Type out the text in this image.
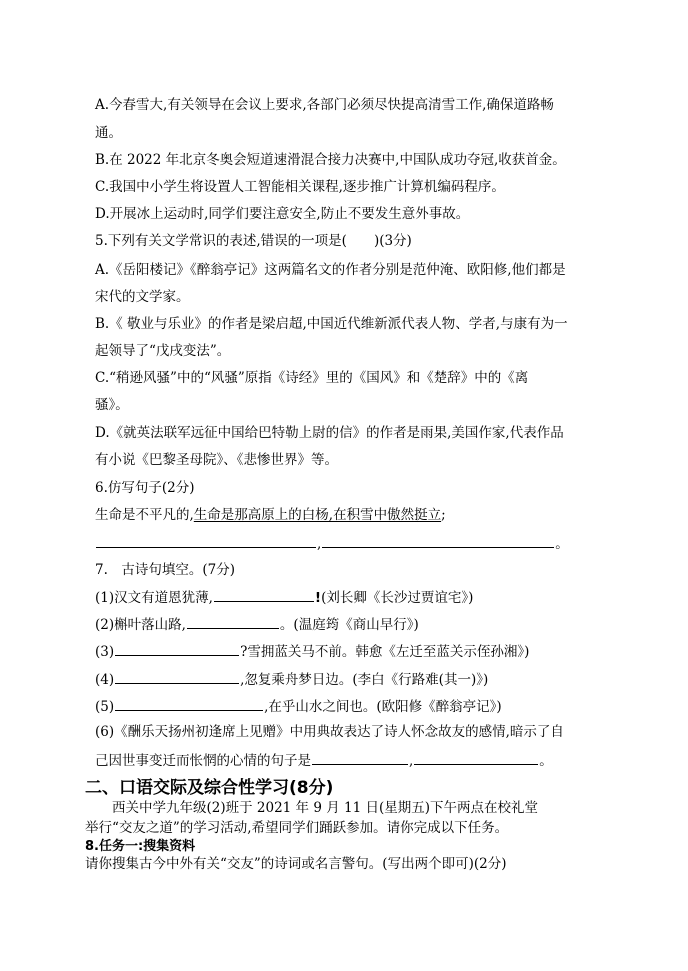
A.今春雪大,有关领导在会议上要求,各部门必须尽快提高清雪工作,确保道路畅
通。
B.在 2022 年北京冬奥会短道速滑混合接力决赛中,中国队成功夺冠,收获首金。
C.我国中小学生将设置人工智能相关课程,逐步推广计算机编码程序。
D.开展冰上运动时,同学们要注意安全,防止不要发生意外事故。
5.下列有关文学常识的表述,错误的一项是(　　)(3分)
A.《岳阳楼记》《醉翁亭记》这两篇名文的作者分别是范仲淹、欧阳修,他们都是
宋代的文学家。
B.《 敬业与乐业》的作者是梁启超,中国近代维新派代表人物、学者,与康有为一
起领导了“戊戌变法”。
C.“稍逊风骚”中的“风骚”原指《诗经》里的《国风》和《楚辞》中的《离
骚》。
D.《就英法联军远征中国给巴特勒上尉的信》的作者是雨果,美国作家,代表作品
有小说《巴黎圣母院》、《悲惨世界》等。
6.仿写句子(2分)
生命是不平凡的,生命是那高原上的白杨,在积雪中傲然挺立;
,	。
7.　古诗句填空。(7分)
(1)汉文有道恩犹薄,	!(刘长卿《长沙过贾谊宅》)
(2)槲叶落山路,	。(温庭筠《商山早行》)
(3)	?雪拥蓝关马不前。韩愈《左迁至蓝关示侄孙湘》)
(4)	,忽复乘舟梦日边。(李白《行路难(其一)》)
(5)	,在乎山水之间也。(欧阳修《醉翁亭记》)
(6)《酬乐天扬州初逢席上见赠》中用典故表达了诗人怀念故友的感情,暗示了自
己因世事变迁而怅惘的心情的句子是	,	。
二、口语交际及综合性学习(8分)
　　西关中学九年级(2)班于 2021 年 9 月 11 日(星期五)下午两点在校礼堂
举行“交友之道”的学习活动,希望同学们踊跃参加。请你完成以下任务。
8.任务一:搜集资料
请你搜集古今中外有关“交友”的诗词或名言警句。(写出两个即可)(2分)
